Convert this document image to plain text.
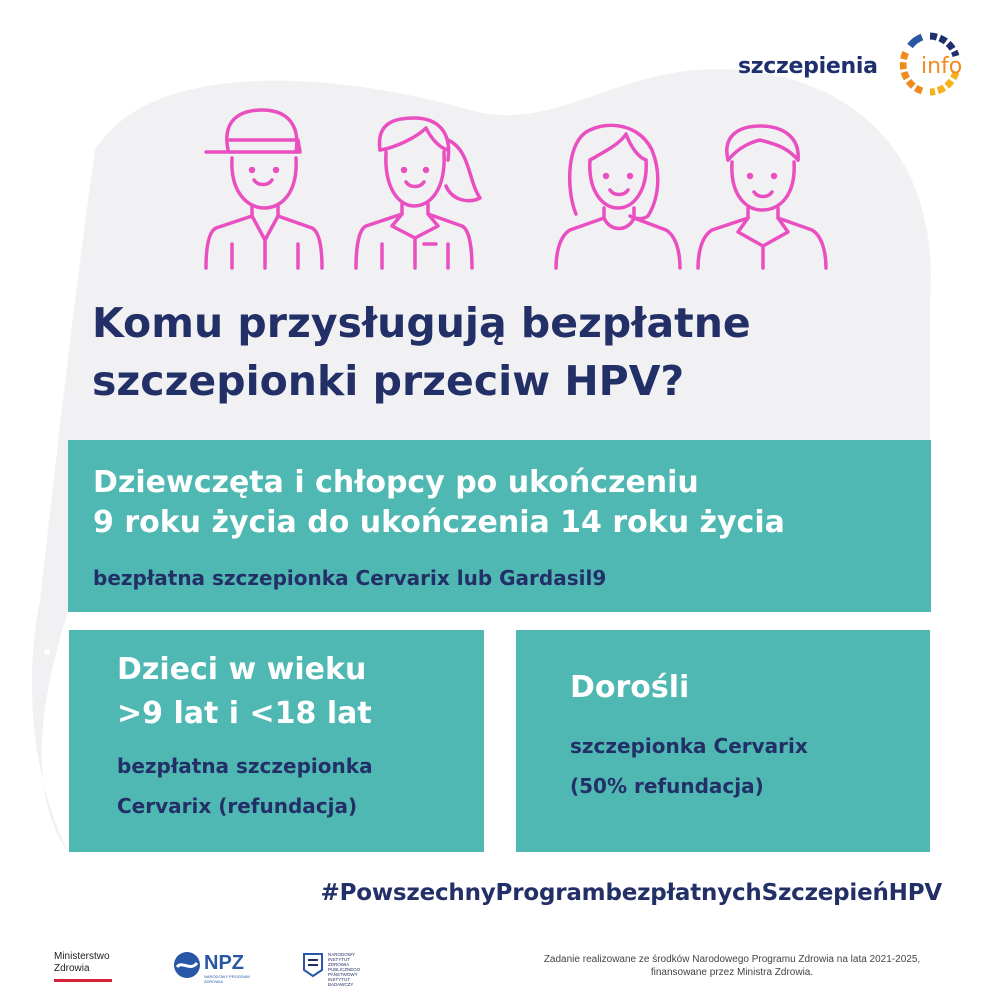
szczepienia info
Komu przysługują bezpłatne
szczepionki przeciw HPV?
Dziewczęta i chłopcy po ukończeniu
9 roku życia do ukończenia 14 roku życia
bezpłatna szczepionka Cervarix lub Gardasil9
Dzieci w wieku
>9 lat i <18 lat
bezpłatna szczepionka
Cervarix (refundacja)
Dorośli
szczepionka Cervarix
(50% refundacja)
#PowszechnyProgrambezpłatnychSzczepieńHPV
Ministerstwo
Zdrowia	NPZ
NARODOWY PROGRAM ZDROWIA
NARODOWY INSTYTUT ZDROWIA PUBLICZNEGO PAŃSTWOWY INSTYTUT BADAWCZY
Zadanie realizowane ze środków Narodowego Programu Zdrowia na lata 2021-2025,
finansowane przez Ministra Zdrowia.
